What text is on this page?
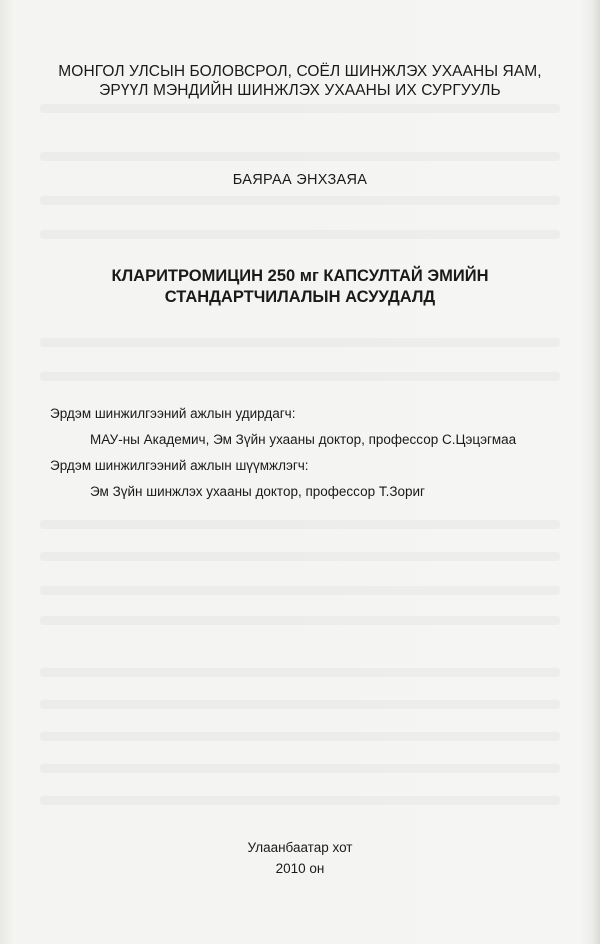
МОНГОЛ УЛСЫН БОЛОВСРОЛ, СОЁЛ ШИНЖЛЭХ УХААНЫ ЯАМ,
ЭРҮҮЛ МЭНДИЙН ШИНЖЛЭХ УХААНЫ ИХ СУРГУУЛЬ
БАЯРАА ЭНХЗАЯА
КЛАРИТРОМИЦИН 250 мг КАПСУЛТАЙ ЭМИЙН
СТАНДАРТЧИЛАЛЫН АСУУДАЛД
Эрдэм шинжилгээний ажлын удирдагч:
МАУ-ны Академич, Эм Зүйн ухааны доктор, профессор С.Цэцэгмаа
Эрдэм шинжилгээний ажлын шүүмжлэгч:
Эм Зүйн шинжлэх ухааны доктор, профессор Т.Зориг
Улаанбаатар хот
2010 он
